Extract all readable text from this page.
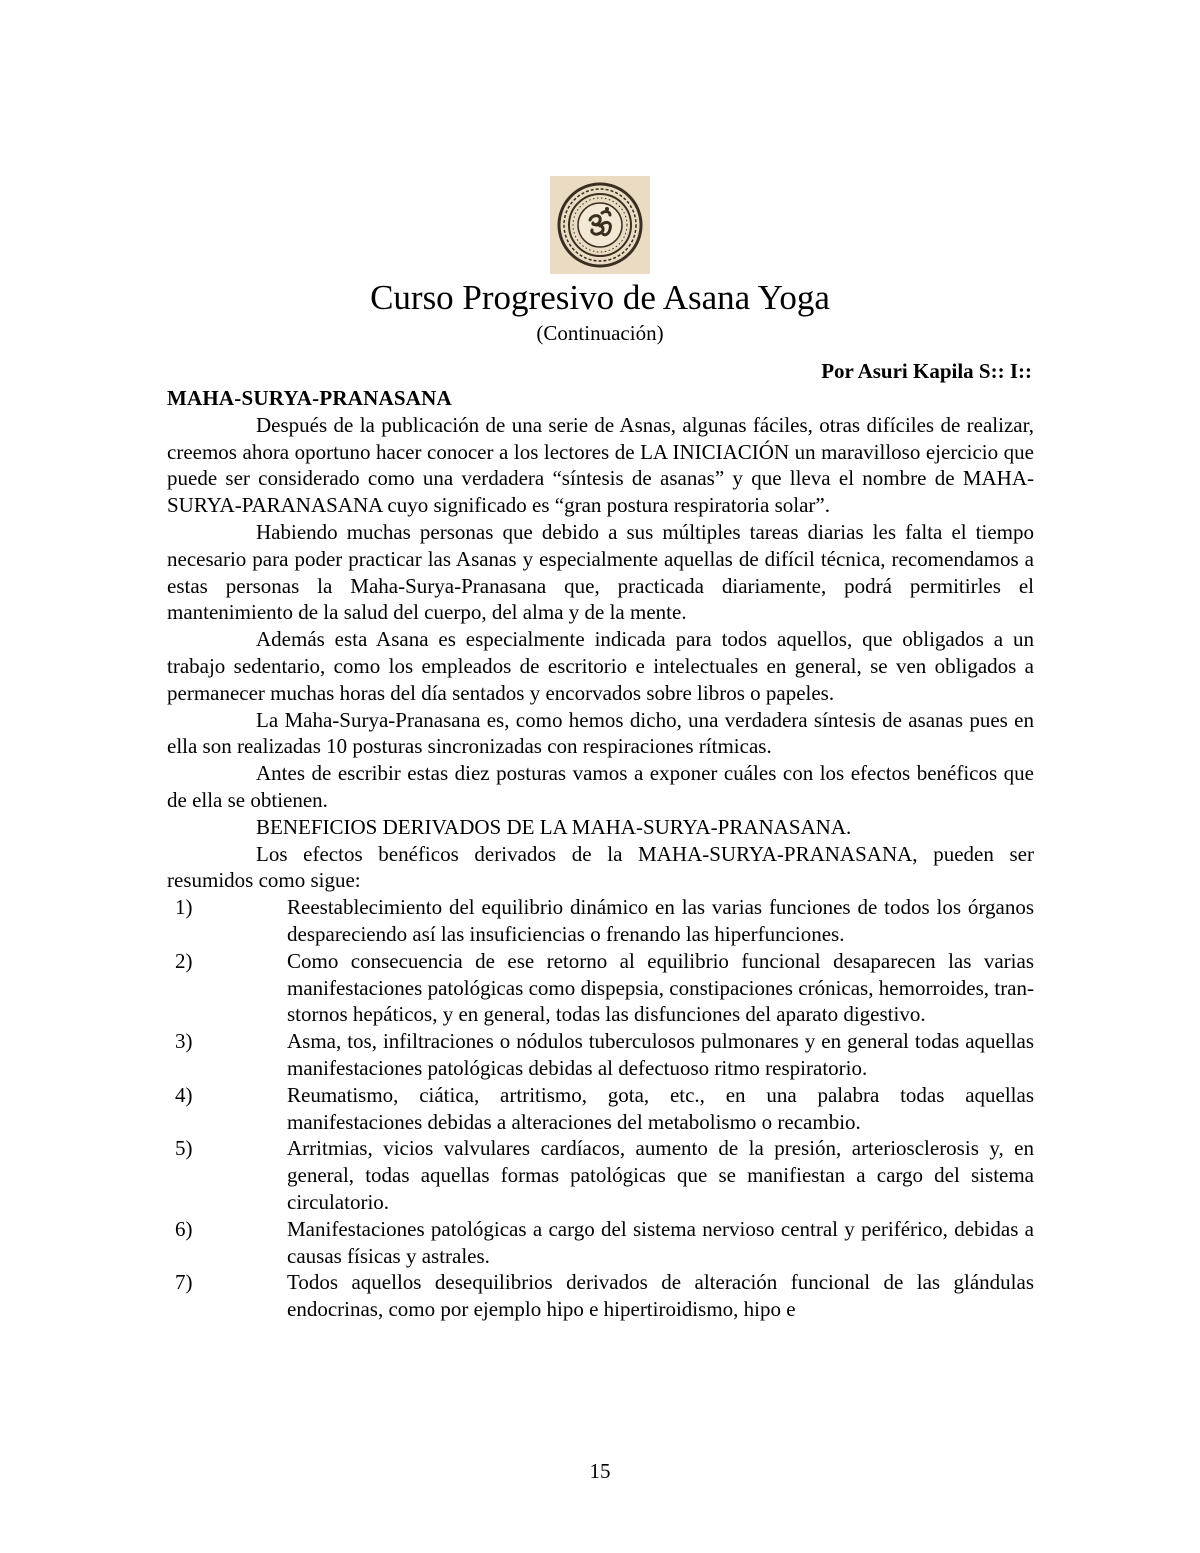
Curso Progresivo de Asana Yoga
(Continuación)
Por Asuri Kapila S:: I::

MAHA-SURYA-PRANASANA

Después de la publicación de una serie de Asnas, algunas fáciles, otras difíciles de realizar, creemos ahora oportuno hacer conocer a los lectores de LA INICIACIÓN un maravilloso ejercicio que puede ser considerado como una verdadera “síntesis de asanas” y que lleva el nombre de MAHA-SURYA-PARANASANA cuyo significado es “gran postura respiratoria solar”.

Habiendo muchas personas que debido a sus múltiples tareas diarias les falta el tiempo necesario para poder practicar las Asanas y especialmente aquellas de difícil técnica, recomendamos a estas personas la Maha-Surya-Pranasana que, practicada diariamente, podrá permitirles el mantenimiento de la salud del cuerpo, del alma y de la mente.

Además esta Asana es especialmente indicada para todos aquellos, que obligados a un trabajo sedentario, como los empleados de escritorio e intelectuales en general, se ven obligados a permanecer muchas horas del día sentados y encorvados sobre libros o papeles.

La Maha-Surya-Pranasana es, como hemos dicho, una verdadera síntesis de asanas pues en ella son realizadas 10 posturas sincronizadas con respiraciones rítmicas.

Antes de escribir estas diez posturas vamos a exponer cuáles con los efectos benéficos que de ella se obtienen.

BENEFICIOS DERIVADOS DE LA MAHA-SURYA-PRANASANA.

Los efectos benéficos derivados de la MAHA-SURYA-PRANASANA, pueden ser resumidos como sigue:

1)	Reestablecimiento del equilibrio dinámico en las varias funciones de todos los órganos despareciendo así las insuficiencias o frenando las hiperfunciones.
2)	Como consecuencia de ese retorno al equilibrio funcional desaparecen las varias manifestaciones patológicas como dispepsia, constipaciones crónicas, hemorroides, tran-stornos hepáticos, y en general, todas las disfunciones del aparato digestivo.
3)	Asma, tos, infiltraciones o nódulos tuberculosos pulmonares y en general todas aquellas manifestaciones patológicas debidas al defectuoso ritmo respiratorio.
4)	Reumatismo, ciática, artritismo, gota, etc., en una palabra todas aquellas manifestaciones debidas a alteraciones del metabolismo o recambio.
5)	Arritmias, vicios valvulares cardíacos, aumento de la presión, arteriosclerosis y, en general, todas aquellas formas patológicas que se manifiestan a cargo del sistema circulatorio.
6)	Manifestaciones patológicas a cargo del sistema nervioso central y periférico, debidas a causas físicas y astrales.
7)	Todos aquellos desequilibrios derivados de alteración funcional de las glándulas endocrinas, como por ejemplo hipo e hipertiroidismo, hipo e
15
